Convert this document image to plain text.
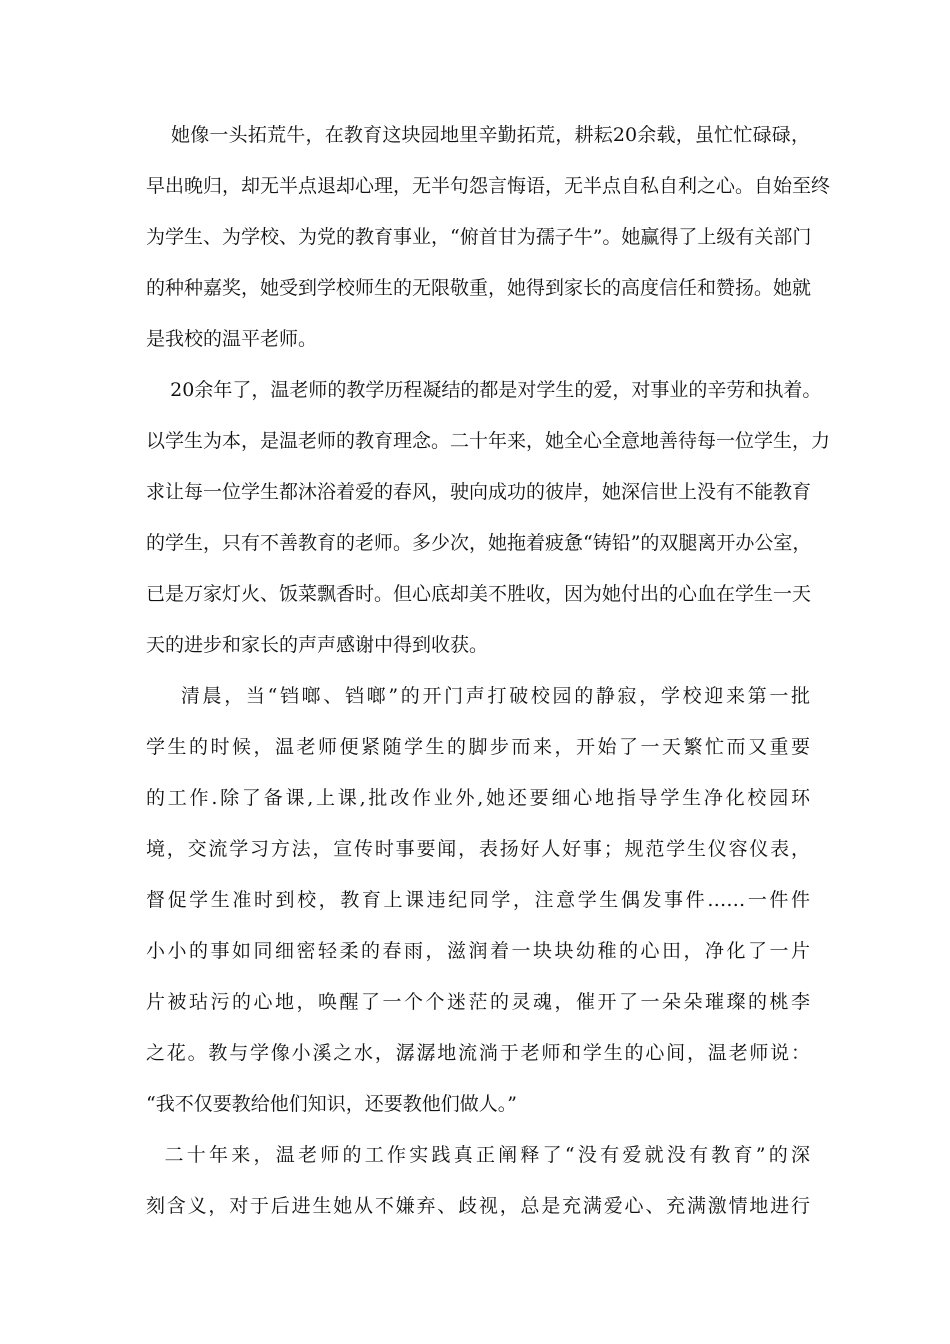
她像一头拓荒牛，在教育这块园地里辛勤拓荒，耕耘20余载，虽忙忙碌碌，
早出晚归，却无半点退却心理，无半句怨言悔语，无半点自私自利之心。自始至终
为学生、为学校、为党的教育事业，“俯首甘为孺子牛”。她赢得了上级有关部门
的种种嘉奖，她受到学校师生的无限敬重，她得到家长的高度信任和赞扬。她就
是我校的温平老师。
20余年了，温老师的教学历程凝结的都是对学生的爱，对事业的辛劳和执着。
以学生为本，是温老师的教育理念。二十年来，她全心全意地善待每一位学生，力
求让每一位学生都沐浴着爱的春风，驶向成功的彼岸，她深信世上没有不能教育
的学生，只有不善教育的老师。多少次，她拖着疲惫“铸铅”的双腿离开办公室，
已是万家灯火、饭菜飘香时。但心底却美不胜收，因为她付出的心血在学生一天
天的进步和家长的声声感谢中得到收获。
清晨，当“铛啷、铛啷”的开门声打破校园的静寂，学校迎来第一批
学生的时候，温老师便紧随学生的脚步而来，开始了一天繁忙而又重要
的工作.除了备课,上课,批改作业外,她还要细心地指导学生净化校园环
境，交流学习方法，宣传时事要闻，表扬好人好事；规范学生仪容仪表，
督促学生准时到校，教育上课违纪同学，注意学生偶发事件……一件件
小小的事如同细密轻柔的春雨，滋润着一块块幼稚的心田，净化了一片
片被玷污的心地，唤醒了一个个迷茫的灵魂，催开了一朵朵璀璨的桃李
之花。教与学像小溪之水，潺潺地流淌于老师和学生的心间，温老师说：
“我不仅要教给他们知识，还要教他们做人。”
二十年来，温老师的工作实践真正阐释了“没有爱就没有教育”的深
刻含义，对于后进生她从不嫌弃、歧视，总是充满爱心、充满激情地进行
